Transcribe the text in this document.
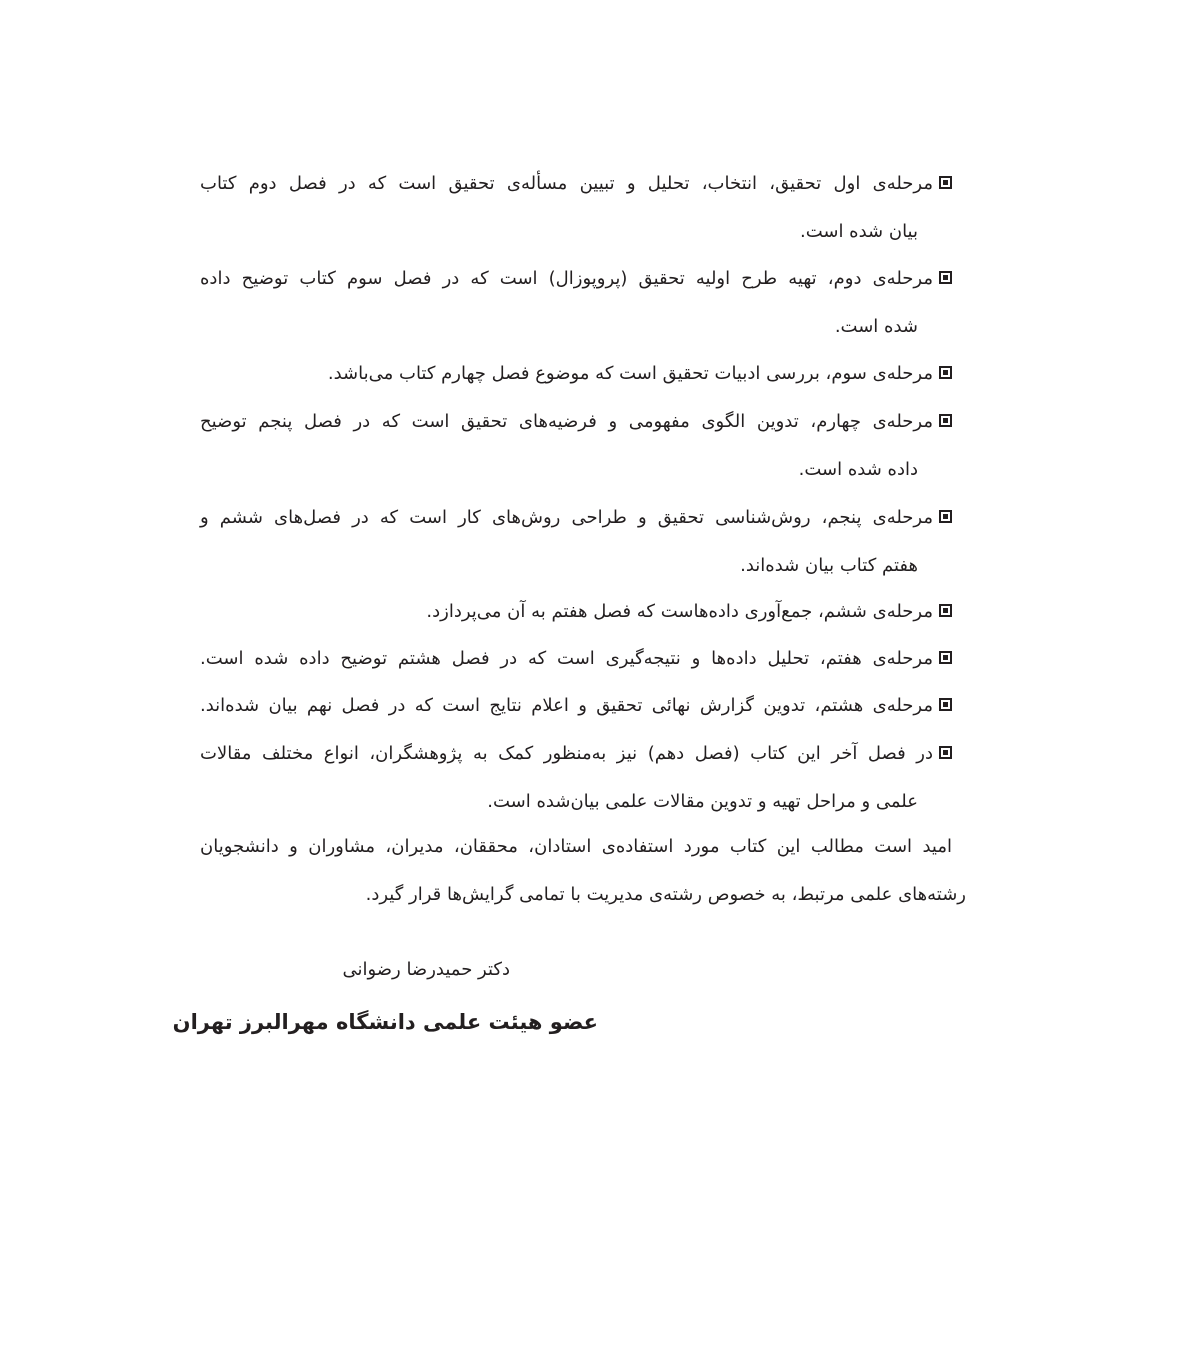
مرحله‌ی اول تحقیق، انتخاب، تحلیل و تبیین مسأله‌ی تحقیق است که در فصل دوم کتاب
بیان شده است.
مرحله‌ی دوم، تهیه طرح اولیه تحقیق (پروپوزال) است که در فصل سوم کتاب توضیح داده
شده است.
مرحله‌ی سوم، بررسی ادبیات تحقیق است که موضوع فصل چهارم کتاب می‌باشد.
مرحله‌ی چهارم، تدوین الگوی مفهومی و فرضیه‌های تحقیق است که در فصل پنجم توضیح
داده شده است.
مرحله‌ی پنجم، روش‌شناسی تحقیق و طراحی روش‌های کار است که در فصل‌های ششم و
هفتم کتاب بیان شده‌اند.
مرحله‌ی ششم، جمع‌آوری داده‌هاست که فصل هفتم به آن می‌پردازد.
مرحله‌ی هفتم، تحلیل داده‌ها و نتیجه‌گیری است که در فصل هشتم توضیح داده شده است.
مرحله‌ی هشتم، تدوین گزارش نهائی تحقیق و اعلام نتایج است که در فصل نهم بیان شده‌اند.
در فصل آخر این کتاب (فصل دهم) نیز به‌منظور کمک به پژوهشگران، انواع مختلف مقالات
علمی و مراحل تهیه و تدوین مقالات علمی بیان‌شده است.
امید است مطالب این کتاب مورد استفاده‌ی استادان، محققان، مدیران، مشاوران و دانشجویان
رشته‌های علمی مرتبط، به خصوص رشته‌ی مدیریت با تمامی گرایش‌ها قرار گیرد.
دکتر حمیدرضا رضوانی
عضو هیئت علمی دانشگاه مهرالبرز تهران
